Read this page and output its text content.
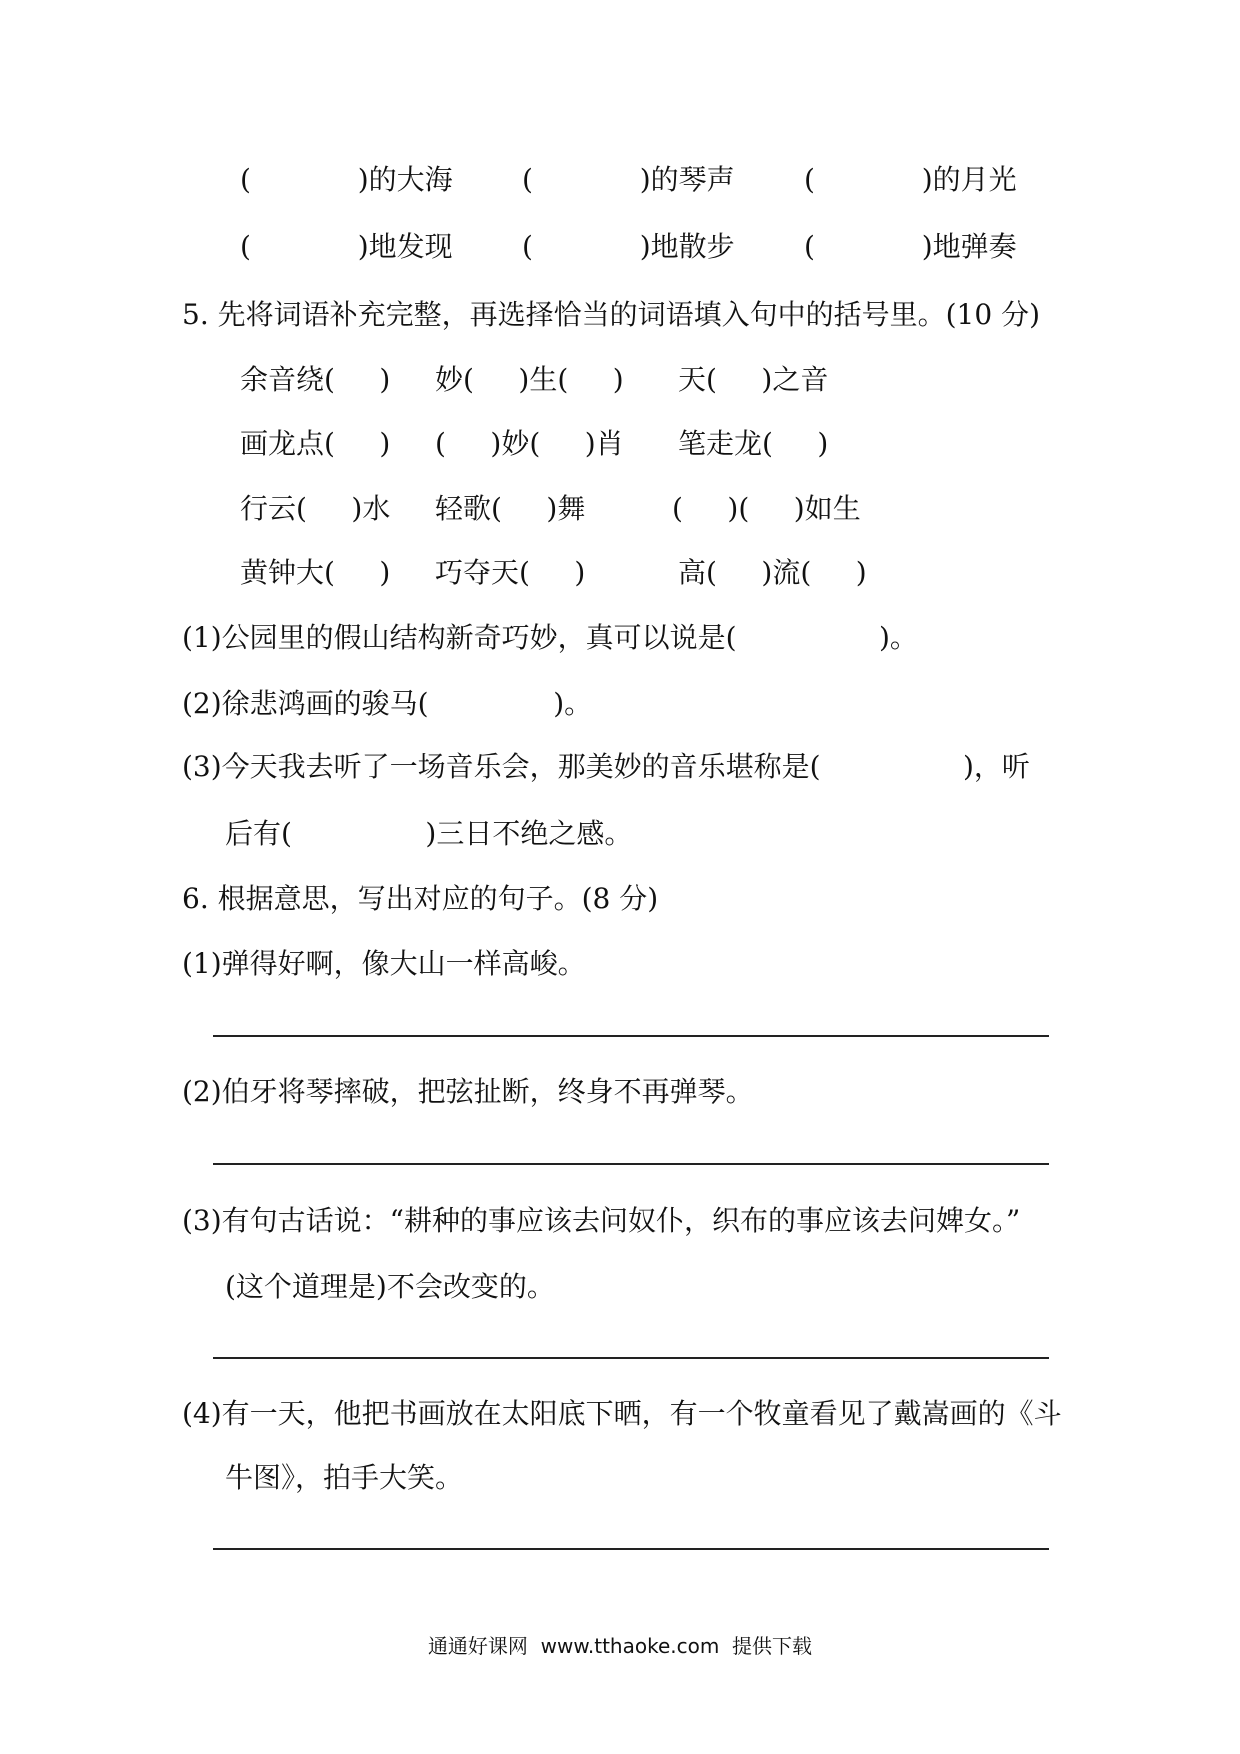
(            )的大海 (            )的琴声 (            )的月光
(            )地发现 (            )地散步 (            )地弹奏
5. 先将词语补充完整，再选择恰当的词语填入句中的括号里。(10 分)
余音绕(     ) 妙(     )生(     ) 天(     )之音
画龙点(     ) (     )妙(     )肖 笔走龙(     )
行云(     )水 轻歌(     )舞	(     )(     )如生
黄钟大(     ) 巧夺天(     )	高(     )流(     )
(1)公园里的假山结构新奇巧妙，真可以说是(                )。
(2)徐悲鸿画的骏马(              )。
(3)今天我去听了一场音乐会，那美妙的音乐堪称是(                )，听
后有(               )三日不绝之感。
6. 根据意思，写出对应的句子。(8 分)
(1)弹得好啊，像大山一样高峻。
(2)伯牙将琴摔破，把弦扯断，终身不再弹琴。
(3)有句古话说：“耕种的事应该去问奴仆，织布的事应该去问婢女。”
(这个道理是)不会改变的。
(4)有一天，他把书画放在太阳底下晒，有一个牧童看见了戴嵩画的《斗
牛图》，拍手大笑。
通通好课网  www.tthaoke.com  提供下载
